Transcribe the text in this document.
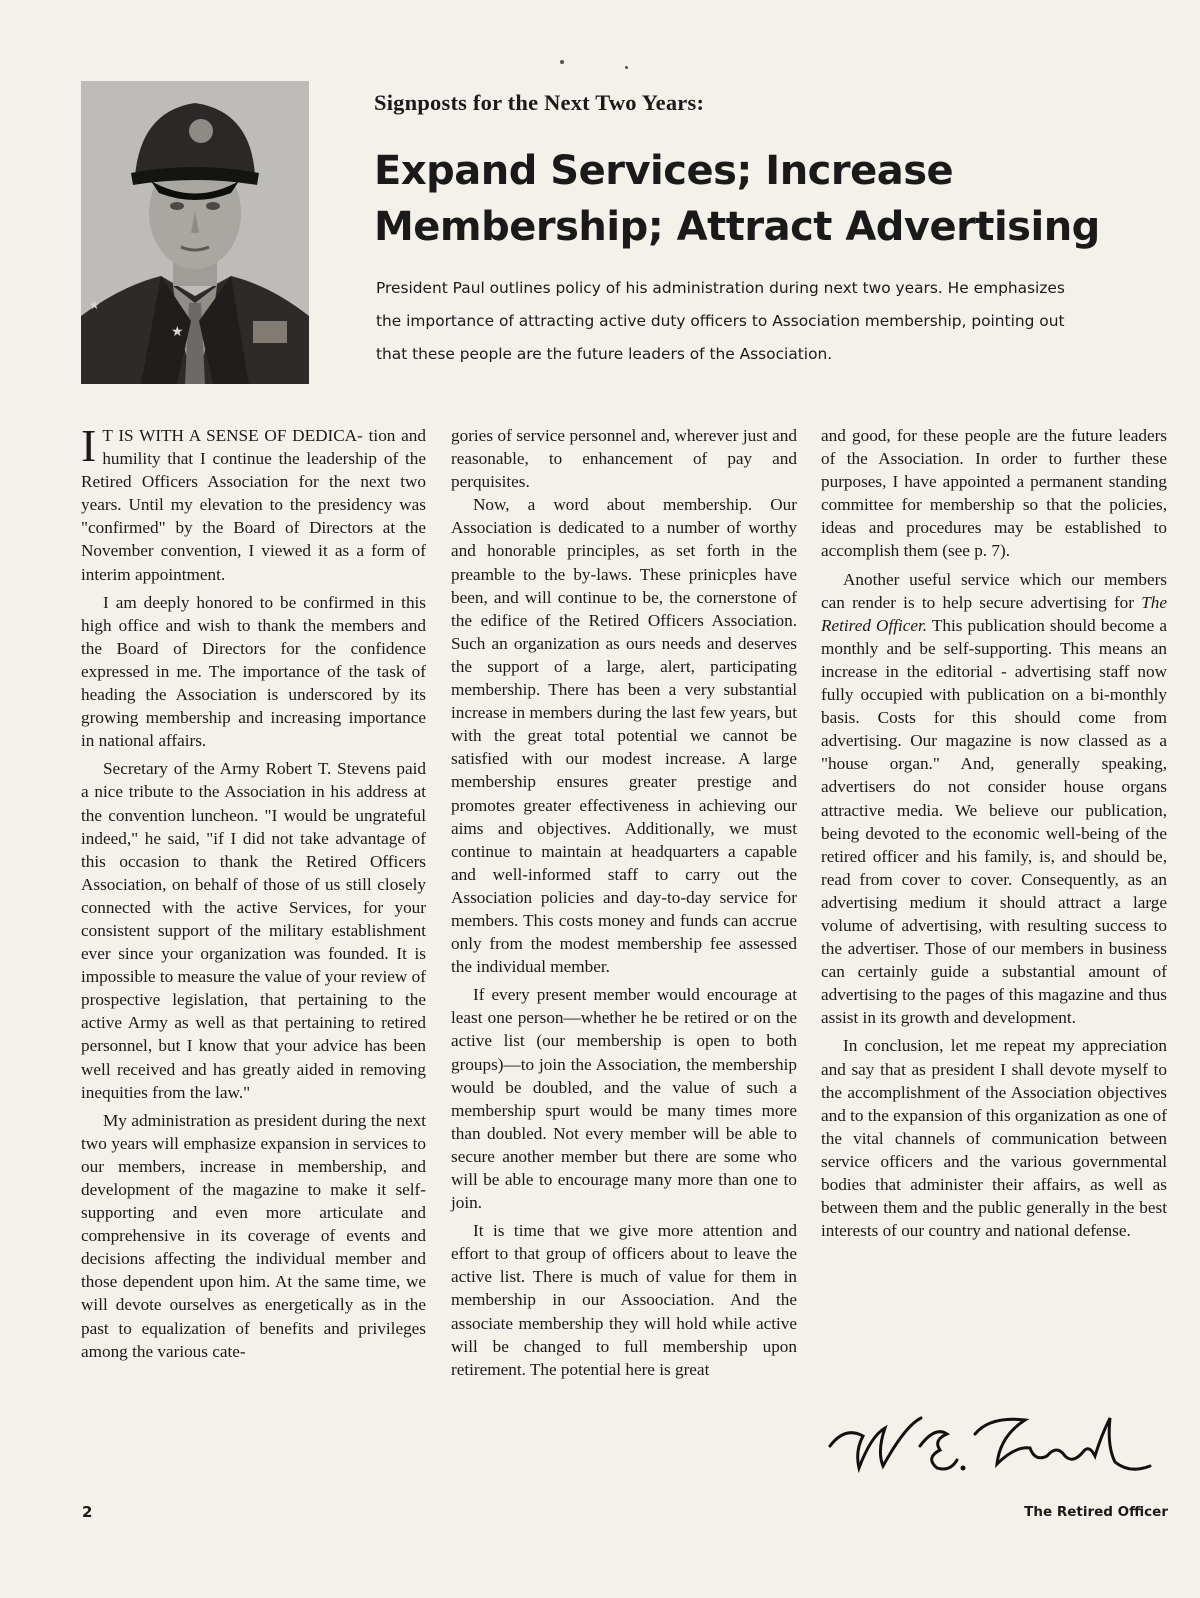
★
★
Signposts for the Next Two Years:
Expand Services; Increase
Membership; Attract Advertising
President Paul outlines policy of his administration during next two years. He emphasizes
the importance of attracting active duty officers to Association membership, pointing out
that these people are the future leaders of the Association.

I T IS WITH A SENSE OF DEDICA- tion and humility that I continue the leadership of the Retired Officers Association for the next two years. Until my elevation to the presidency was "confirmed" by the Board of Directors at the November convention, I viewed it as a form of interim appointment.

I am deeply honored to be confirmed in this high office and wish to thank the members and the Board of Directors for the confidence expressed in me. The importance of the task of heading the Association is underscored by its growing membership and increasing importance in national affairs.

Secretary of the Army Robert T. Stevens paid a nice tribute to the Association in his address at the convention luncheon. "I would be ungrateful indeed," he said, "if I did not take advantage of this occasion to thank the Retired Officers Association, on behalf of those of us still closely connected with the active Services, for your consistent support of the military establishment ever since your organization was founded. It is impossible to measure the value of your review of prospective legislation, that pertaining to the active Army as well as that pertaining to retired personnel, but I know that your advice has been well received and has greatly aided in removing inequities from the law."

My administration as president during the next two years will emphasize expansion in services to our members, increase in membership, and development of the magazine to make it self-supporting and even more articulate and comprehensive in its coverage of events and decisions affecting the individual member and those dependent upon him. At the same time, we will devote ourselves as energetically as in the past to equalization of benefits and privileges among the various cate-

gories of service personnel and, wherever just and reasonable, to enhancement of pay and perquisites.

Now, a word about membership. Our Association is dedicated to a number of worthy and honorable principles, as set forth in the preamble to the by-laws. These prinicples have been, and will continue to be, the cornerstone of the edifice of the Retired Officers Association. Such an organization as ours needs and deserves the support of a large, alert, participating membership. There has been a very substantial increase in members during the last few years, but with the great total potential we cannot be satisfied with our modest increase. A large membership ensures greater prestige and promotes greater effectiveness in achieving our aims and objectives. Additionally, we must continue to maintain at headquarters a capable and well-informed staff to carry out the Association policies and day-to-day service for members. This costs money and funds can accrue only from the modest membership fee assessed the individual member.

If every present member would encourage at least one person—whether he be retired or on the active list (our membership is open to both groups)—to join the Association, the membership would be doubled, and the value of such a membership spurt would be many times more than doubled. Not every member will be able to secure another member but there are some who will be able to encourage many more than one to join.

It is time that we give more attention and effort to that group of officers about to leave the active list. There is much of value for them in membership in our Assoociation. And the associate membership they will hold while active will be changed to full membership upon retirement. The potential here is great

and good, for these people are the future leaders of the Association. In order to further these purposes, I have appointed a permanent standing committee for membership so that the policies, ideas and procedures may be established to accomplish them (see p. 7).

Another useful service which our members can render is to help secure advertising for The Retired Officer. This publication should become a monthly and be self-supporting. This means an increase in the editorial - advertising staff now fully occupied with publication on a bi-monthly basis. Costs for this should come from advertising. Our magazine is now classed as a "house organ." And, generally speaking, advertisers do not consider house organs attractive media. We believe our publication, being devoted to the economic well-being of the retired officer and his family, is, and should be, read from cover to cover. Consequently, as an advertising medium it should attract a large volume of advertising, with resulting success to the advertiser. Those of our members in business can certainly guide a substantial amount of advertising to the pages of this magazine and thus assist in its growth and development.

In conclusion, let me repeat my appreciation and say that as president I shall devote myself to the accomplishment of the Association objectives and to the expansion of this organization as one of the vital channels of communication between service officers and the various governmental bodies that administer their affairs, as well as between them and the public generally in the best interests of our country and national defense.

2	The Retired Officer
